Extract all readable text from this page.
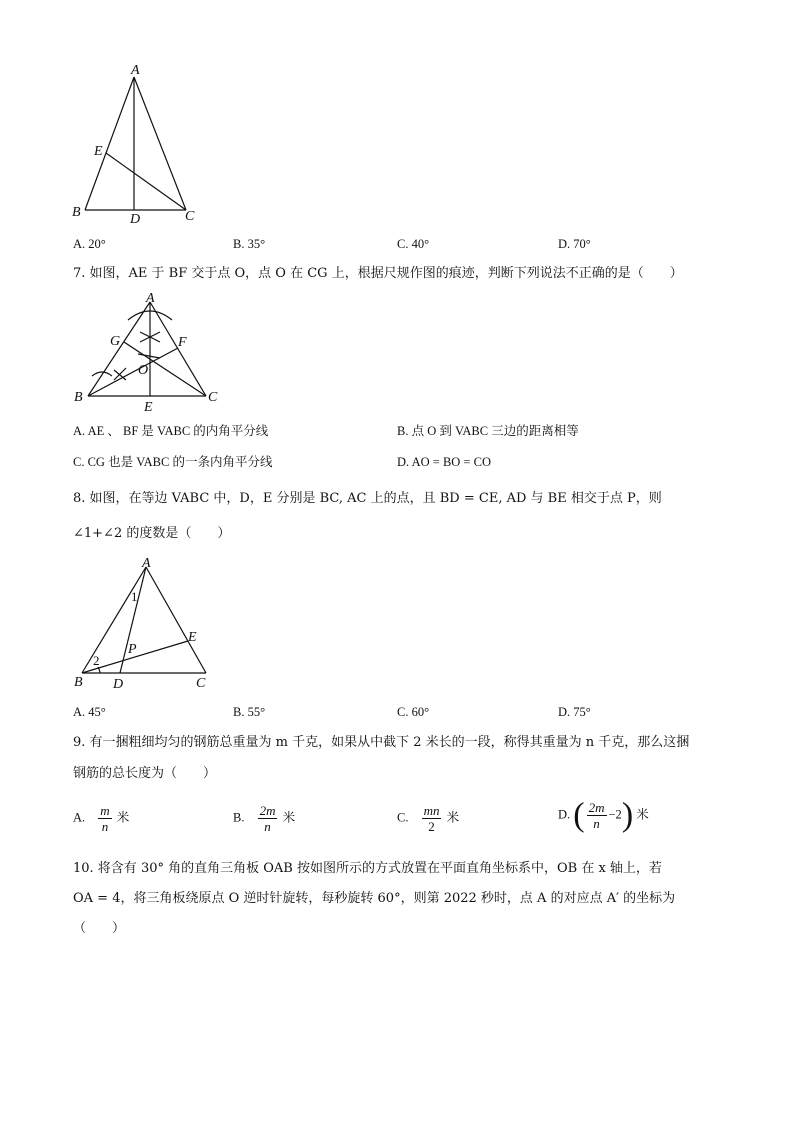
A
B	C
D
E
A. 20°	B. 35°	C. 40°	D. 70°
7. 如图，AE 于 BF 交于点 O，点 O 在 CG 上，根据尺规作图的痕迹，判断下列说法不正确的是（　　）
A
B	C
E
F
G
O
A. AE 、 BF 是 VABC 的内角平分线	B. 点 O 到 VABC 三边的距离相等
C. CG 也是 VABC 的一条内角平分线	D. AO = BO = CO
8. 如图，在等边 VABC 中，D，E 分别是 BC, AC 上的点，且 BD = CE, AD 与 BE 相交于点 P，则
∠1+∠2 的度数是（　　）
A
B	C
D
E
P
1
2
A. 45°	B. 55°	C. 60°	D. 75°
9. 有一捆粗细均匀的钢筋总重量为 m 千克，如果从中截下 2 米长的一段，称得其重量为 n 千克，那么这捆
钢筋的总长度为（　　）
A. $\frac{m}{n}$ 米	B. $\frac{2m}{n}$ 米	C. $\frac{mn}{2}$ 米	D. ( $\frac{2m}{n} -2$) 米
10. 将含有 30° 角的直角三角板 OAB 按如图所示的方式放置在平面直角坐标系中，OB 在 x 轴上，若
OA = 4，将三角板绕原点 O 逆时针旋转，每秒旋转 60°，则第 2022 秒时，点 A 的对应点 A′ 的坐标为
（　　）
